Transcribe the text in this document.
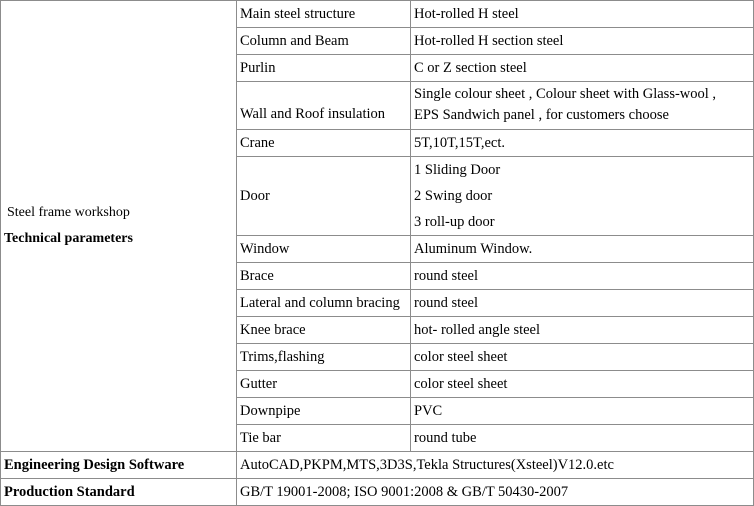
Steel frame workshop
Technical parameters	Main steel structure	Hot-rolled H steel
	Column and Beam	Hot-rolled H section steel
	Purlin	C or Z section steel
	Wall and Roof insulation	Single colour sheet , Colour sheet with Glass-wool ,
EPS Sandwich panel , for customers choose

	Crane	5T,10T,15T,ect.
	Door	1 Sliding Door
2 Swing door
3 roll-up door

	Window	Aluminum Window.
	Brace	round steel
	Lateral and column bracing	round steel
	Knee brace	hot- rolled angle steel
	Trims,flashing	color steel sheet
	Gutter	color steel sheet
	Downpipe	PVC
	Tie bar	round tube

Engineering Design Software	AutoCAD,PKPM,MTS,3D3S,Tekla Structures(Xsteel)V12.0.etc	
Production Standard	GB/T 19001-2008; ISO 9001:2008 & GB/T 50430-2007	
